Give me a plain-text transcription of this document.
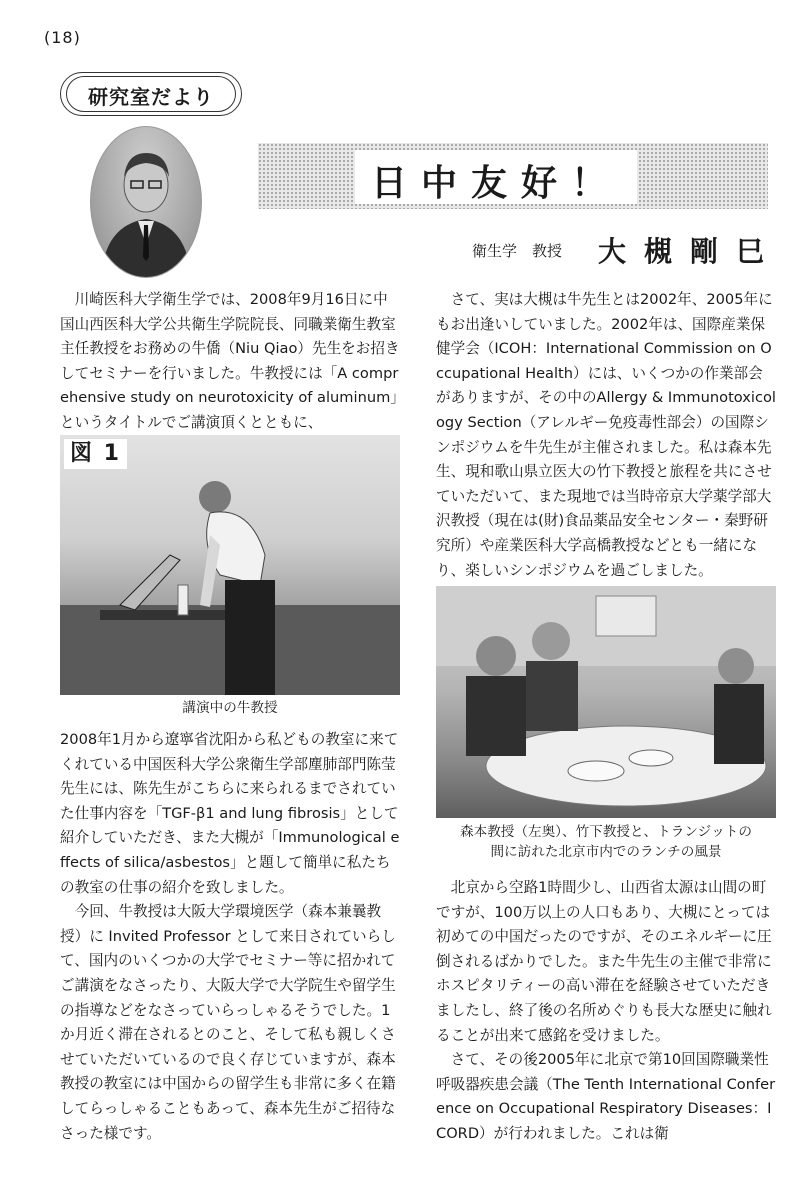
(18)
研究室だより
日中友好！
衛生学　教授 大槻剛巳

川崎医科大学衛生学では、2008年9月16日に中国山西医科大学公共衛生学院院長、同職業衛生教室主任教授をお務めの牛僑（Niu Qiao）先生をお招きしてセミナーを行いました。牛教授には「A comprehensive study on neurotoxicity of aluminum」というタイトルでご講演頂くとともに、

図 1
講演中の牛教授

2008年1月から遼寧省沈阳から私どもの教室に来てくれている中国医科大学公衆衛生学部塵肺部門陈莹先生には、陈先生がこちらに来られるまでされていた仕事内容を「TGF-β1 and lung fibrosis」として紹介していただき、また大槻が「Immunological effects of silica/asbestos」と題して簡単に私たちの教室の仕事の紹介を致しました。

今回、牛教授は大阪大学環境医学（森本兼曩教授）に Invited Professor として来日されていらして、国内のいくつかの大学でセミナー等に招かれてご講演をなさったり、大阪大学で大学院生や留学生の指導などをなさっていらっしゃるそうでした。1か月近く滞在されるとのこと、そして私も親しくさせていただいているので良く存じていますが、森本教授の教室には中国からの留学生も非常に多く在籍してらっしゃることもあって、森本先生がご招待なさった様です。

さて、実は大槻は牛先生とは2002年、2005年にもお出逢いしていました。2002年は、国際産業保健学会（ICOH：International Commission on Occupational Health）には、いくつかの作業部会がありますが、その中のAllergy & Immunotoxicology Section（アレルギー免疫毒性部会）の国際シンポジウムを牛先生が主催されました。私は森本先生、現和歌山県立医大の竹下教授と旅程を共にさせていただいて、また現地では当時帝京大学薬学部大沢教授（現在は(財)食品薬品安全センター・秦野研究所）や産業医科大学高橋教授などとも一緒になり、楽しいシンポジウムを過ごしました。

森本教授（左奥）、竹下教授と、トランジットの
間に訪れた北京市内でのランチの風景

北京から空路1時間少し、山西省太源は山間の町ですが、100万以上の人口もあり、大槻にとっては初めての中国だったのですが、そのエネルギーに圧倒されるばかりでした。また牛先生の主催で非常にホスピタリティーの高い滞在を経験させていただきましたし、終了後の名所めぐりも長大な歴史に触れることが出来て感銘を受けました。

さて、その後2005年に北京で第10回国際職業性呼吸器疾患会議（The Tenth International Conference on Occupational Respiratory Diseases：ICORD）が行われました。これは衛
